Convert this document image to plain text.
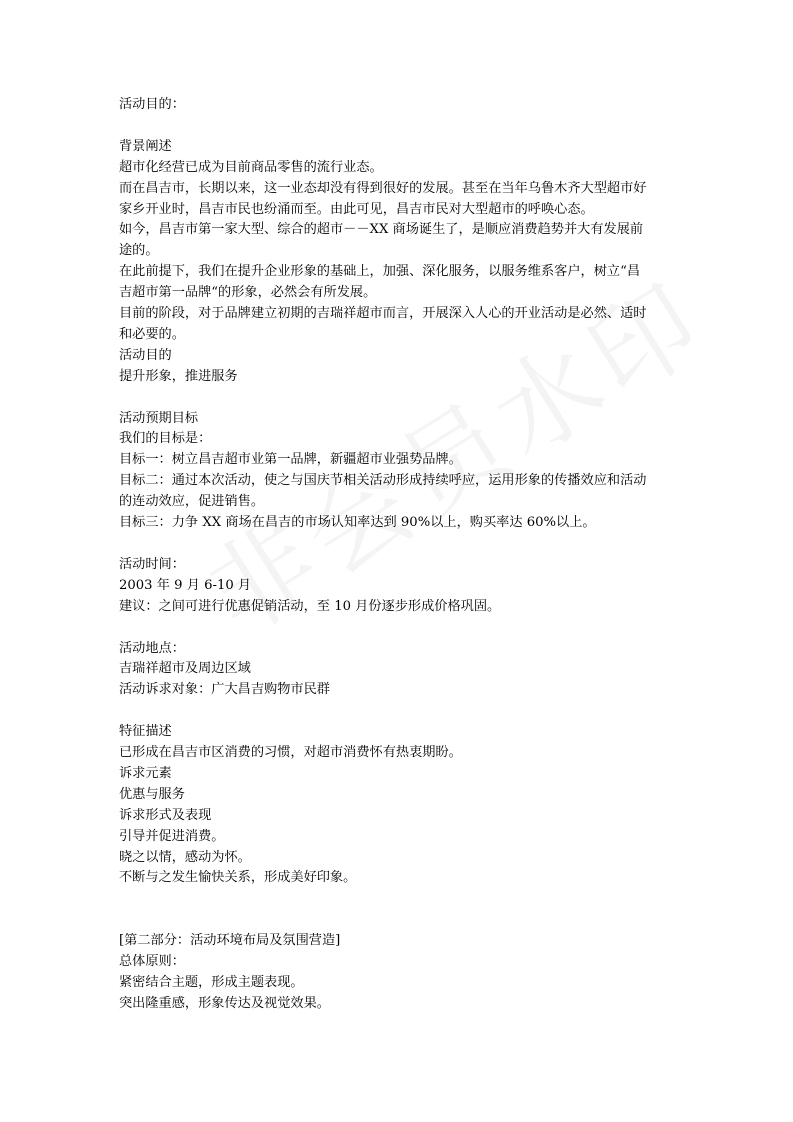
活动目的：
背景阐述
超市化经营已成为目前商品零售的流行业态。
而在昌吉市，长期以来，这一业态却没有得到很好的发展。甚至在当年乌鲁木齐大型超市好
家乡开业时，昌吉市民也纷涌而至。由此可见，昌吉市民对大型超市的呼唤心态。
如今，昌吉市第一家大型、综合的超市－－XX 商场诞生了，是顺应消费趋势并大有发展前
途的。
在此前提下，我们在提升企业形象的基础上，加强、深化服务，以服务维系客户，树立“昌
吉超市第一品牌“的形象，必然会有所发展。
目前的阶段，对于品牌建立初期的吉瑞祥超市而言，开展深入人心的开业活动是必然、适时
和必要的。
活动目的
提升形象，推进服务
活动预期目标
我们的目标是：
目标一：树立昌吉超市业第一品牌，新疆超市业强势品牌。
目标二：通过本次活动，使之与国庆节相关活动形成持续呼应，运用形象的传播效应和活动
的连动效应，促进销售。
目标三：力争 XX 商场在昌吉的市场认知率达到 90%以上，购买率达 60%以上。
活动时间：
2003 年 9 月 6-10 月
建议：之间可进行优惠促销活动，至 10 月份逐步形成价格巩固。
活动地点：
吉瑞祥超市及周边区域
活动诉求对象：广大昌吉购物市民群
特征描述
已形成在昌吉市区消费的习惯，对超市消费怀有热衷期盼。
诉求元素
优惠与服务
诉求形式及表现
引导并促进消费。
晓之以情，感动为怀。
不断与之发生愉快关系，形成美好印象。
[第二部分：活动环境布局及氛围营造]
总体原则：
紧密结合主题，形成主题表现。
突出隆重感，形象传达及视觉效果。
